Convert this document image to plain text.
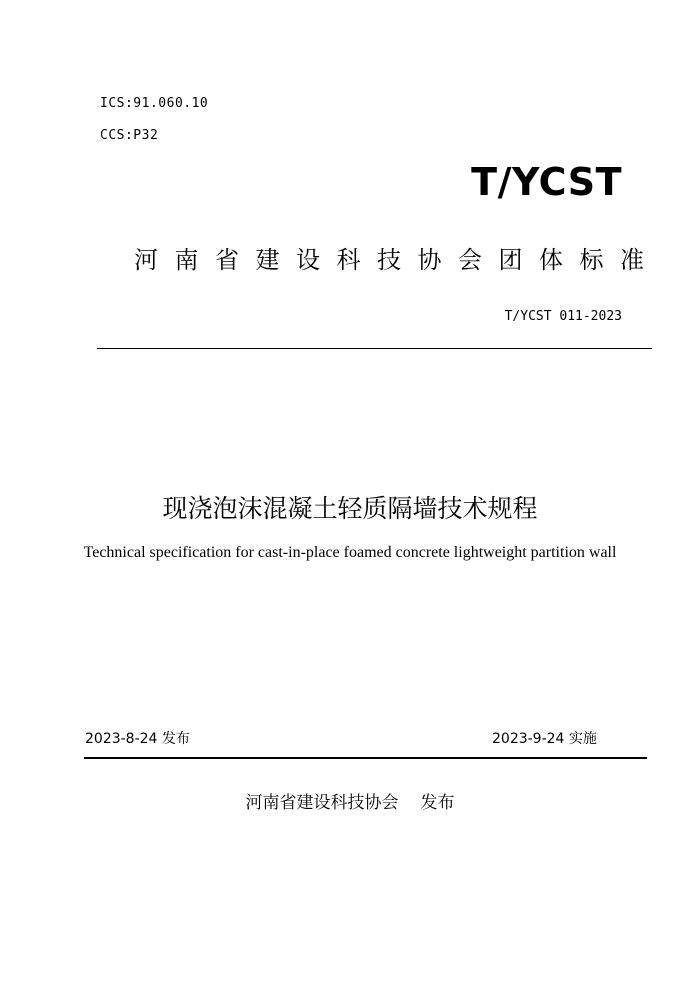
ICS:91.060.10
CCS:P32
T/YCST
河南省建设科技协会团体标准
T/YCST 011-2023
现浇泡沫混凝土轻质隔墙技术规程
Technical specification for cast-in-place foamed concrete lightweight partition wall
2023-8-24 发布	2023-9-24 实施
河南省建设科技协会 发布
